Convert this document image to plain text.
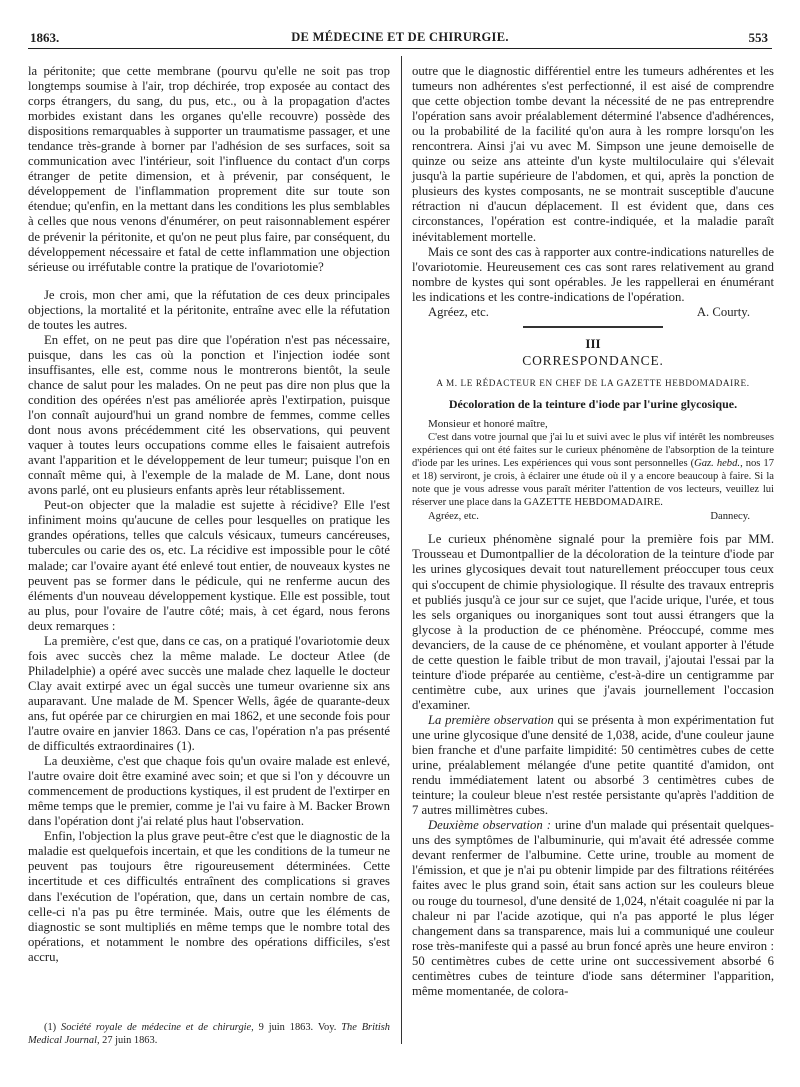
1863.	DE MÉDECINE ET DE CHIRURGIE.	553

la péritonite; que cette membrane (pourvu qu'elle ne soit pas trop longtemps soumise à l'air, trop déchirée, trop exposée au contact des corps étrangers, du sang, du pus, etc., ou à la propagation d'actes morbides existant dans les organes qu'elle recouvre) possède des dispositions remarquables à supporter un traumatisme passager, et une tendance très-grande à borner par l'adhésion de ses surfaces, soit sa communication avec l'intérieur, soit l'influence du contact d'un corps étranger de petite dimension, et à prévenir, par conséquent, le développement de l'inflammation proprement dite sur toute son étendue; qu'enfin, en la mettant dans les conditions les plus semblables à celles que nous venons d'énumérer, on peut raisonnablement espérer de prévenir la péritonite, et qu'on ne peut plus faire, par conséquent, du développement nécessaire et fatal de cette inflammation une objection sérieuse ou irréfutable contre la pratique de l'ovariotomie?

Je crois, mon cher ami, que la réfutation de ces deux principales objections, la mortalité et la péritonite, entraîne avec elle la réfutation de toutes les autres.

En effet, on ne peut pas dire que l'opération n'est pas nécessaire, puisque, dans les cas où la ponction et l'injection iodée sont insuffisantes, elle est, comme nous le montrerons bientôt, la seule chance de salut pour les malades. On ne peut pas dire non plus que la condition des opérées n'est pas améliorée après l'extirpation, puisque l'on connaît aujourd'hui un grand nombre de femmes, comme celles dont nous avons précédemment cité les observations, qui peuvent vaquer à toutes leurs occupations comme elles le faisaient autrefois avant l'apparition et le développement de leur tumeur; puisque l'on en connaît même qui, à l'exemple de la malade de M. Lane, dont nous avons parlé, ont eu plusieurs enfants après leur rétablissement.

Peut-on objecter que la maladie est sujette à récidive? Elle l'est infiniment moins qu'aucune de celles pour lesquelles on pratique les grandes opérations, telles que calculs vésicaux, tumeurs cancéreuses, tubercules ou carie des os, etc. La récidive est impossible pour le côté malade; car l'ovaire ayant été enlevé tout entier, de nouveaux kystes ne peuvent pas se former dans le pédicule, qui ne renferme aucun des éléments d'un nouveau développement kystique. Elle est possible, tout au plus, pour l'ovaire de l'autre côté; mais, à cet égard, nous ferons deux remarques :

La première, c'est que, dans ce cas, on a pratiqué l'ovariotomie deux fois avec succès chez la même malade. Le docteur Atlee (de Philadelphie) a opéré avec succès une malade chez laquelle le docteur Clay avait extirpé avec un égal succès une tumeur ovarienne six ans auparavant. Une malade de M. Spencer Wells, âgée de quarante-deux ans, fut opérée par ce chirurgien en mai 1862, et une seconde fois pour l'autre ovaire en janvier 1863. Dans ce cas, l'opération n'a pas présenté de difficultés extraordinaires (1).

La deuxième, c'est que chaque fois qu'un ovaire malade est enlevé, l'autre ovaire doit être examiné avec soin; et que si l'on y découvre un commencement de productions kystiques, il est prudent de l'extirper en même temps que le premier, comme je l'ai vu faire à M. Backer Brown dans l'opération dont j'ai relaté plus haut l'observation.

Enfin, l'objection la plus grave peut-être c'est que le diagnostic de la maladie est quelquefois incertain, et que les conditions de la tumeur ne peuvent pas toujours être rigoureusement déterminées. Cette incertitude et ces difficultés entraînent des complications si graves dans l'exécution de l'opération, que, dans un certain nombre de cas, celle-ci n'a pas pu être terminée. Mais, outre que les éléments de diagnostic se sont multipliés en même temps que le nombre total des opérations, et notamment le nombre des opérations difficiles, s'est accru,

(1) Société royale de médecine et de chirurgie, 9 juin 1863. Voy. The British Medical Journal, 27 juin 1863.

outre que le diagnostic différentiel entre les tumeurs adhérentes et les tumeurs non adhérentes s'est perfectionné, il est aisé de comprendre que cette objection tombe devant la nécessité de ne pas entreprendre l'opération sans avoir préalablement déterminé l'absence d'adhérences, ou la probabilité de la facilité qu'on aura à les rompre lorsqu'on les rencontrera. Ainsi j'ai vu avec M. Simpson une jeune demoiselle de quinze ou seize ans atteinte d'un kyste multiloculaire qui s'élevait jusqu'à la partie supérieure de l'abdomen, et qui, après la ponction de plusieurs des kystes composants, ne se montrait susceptible d'aucune rétraction ni d'aucun déplacement. Il est évident que, dans ces circonstances, l'opération est contre-indiquée, et la maladie paraît inévitablement mortelle.

Mais ce sont des cas à rapporter aux contre-indications naturelles de l'ovariotomie. Heureusement ces cas sont rares relativement au grand nombre de kystes qui sont opérables. Je les rappellerai en énumérant les indications et les contre-indications de l'opération.

Agréez, etc.	A. Courty.
III
CORRESPONDANCE.
A M. LE RÉDACTEUR EN CHEF DE LA GAZETTE HEBDOMADAIRE.
Décoloration de la teinture d'iode par l'urine glycosique.
Monsieur et honoré maître,

C'est dans votre journal que j'ai lu et suivi avec le plus vif intérêt les nombreuses expériences qui ont été faites sur le curieux phénomène de l'absorption de la teinture d'iode par les urines. Les expériences qui vous sont personnelles (Gaz. hebd., nos 17 et 18) serviront, je crois, à éclairer une étude où il y a encore beaucoup à faire. Si la note que je vous adresse vous paraît mériter l'attention de vos lecteurs, veuillez lui réserver une place dans la GAZETTE HEBDOMADAIRE.

Agréez, etc.	Dannecy.

Le curieux phénomène signalé pour la première fois par MM. Trousseau et Dumontpallier de la décoloration de la teinture d'iode par les urines glycosiques devait tout naturellement préoccuper tous ceux qui s'occupent de chimie physiologique. Il résulte des travaux entrepris et publiés jusqu'à ce jour sur ce sujet, que l'acide urique, l'urée, et tous les sels organiques ou inorganiques sont tout aussi étrangers que la glycose à la production de ce phénomène. Préoccupé, comme mes devanciers, de la cause de ce phénomène, et voulant apporter à l'étude de cette question le faible tribut de mon travail, j'ajoutai l'essai par la teinture d'iode préparée au centième, c'est-à-dire un centigramme par centimètre cube, aux urines que j'avais journellement l'occasion d'examiner.

La première observation qui se présenta à mon expérimentation fut une urine glycosique d'une densité de 1,038, acide, d'une couleur jaune bien franche et d'une parfaite limpidité: 50 centimètres cubes de cette urine, préalablement mélangée d'une petite quantité d'amidon, ont rendu immédiatement latent ou absorbé 3 centimètres cubes de teinture; la couleur bleue n'est restée persistante qu'après l'addition de 7 autres millimètres cubes.

Deuxième observation : urine d'un malade qui présentait quelques-uns des symptômes de l'albuminurie, qui m'avait été adressée comme devant renfermer de l'albumine. Cette urine, trouble au moment de l'émission, et que je n'ai pu obtenir limpide par des filtrations réitérées faites avec le plus grand soin, était sans action sur les couleurs bleue ou rouge du tournesol, d'une densité de 1,024, n'était coagulée ni par la chaleur ni par l'acide azotique, qui n'a pas apporté le plus léger changement dans sa transparence, mais lui a communiqué une couleur rose très-manifeste qui a passé au brun foncé après une heure environ : 50 centimètres cubes de cette urine ont successivement absorbé 6 centimètres cubes de teinture d'iode sans déterminer l'apparition, même momentanée, de colora-
